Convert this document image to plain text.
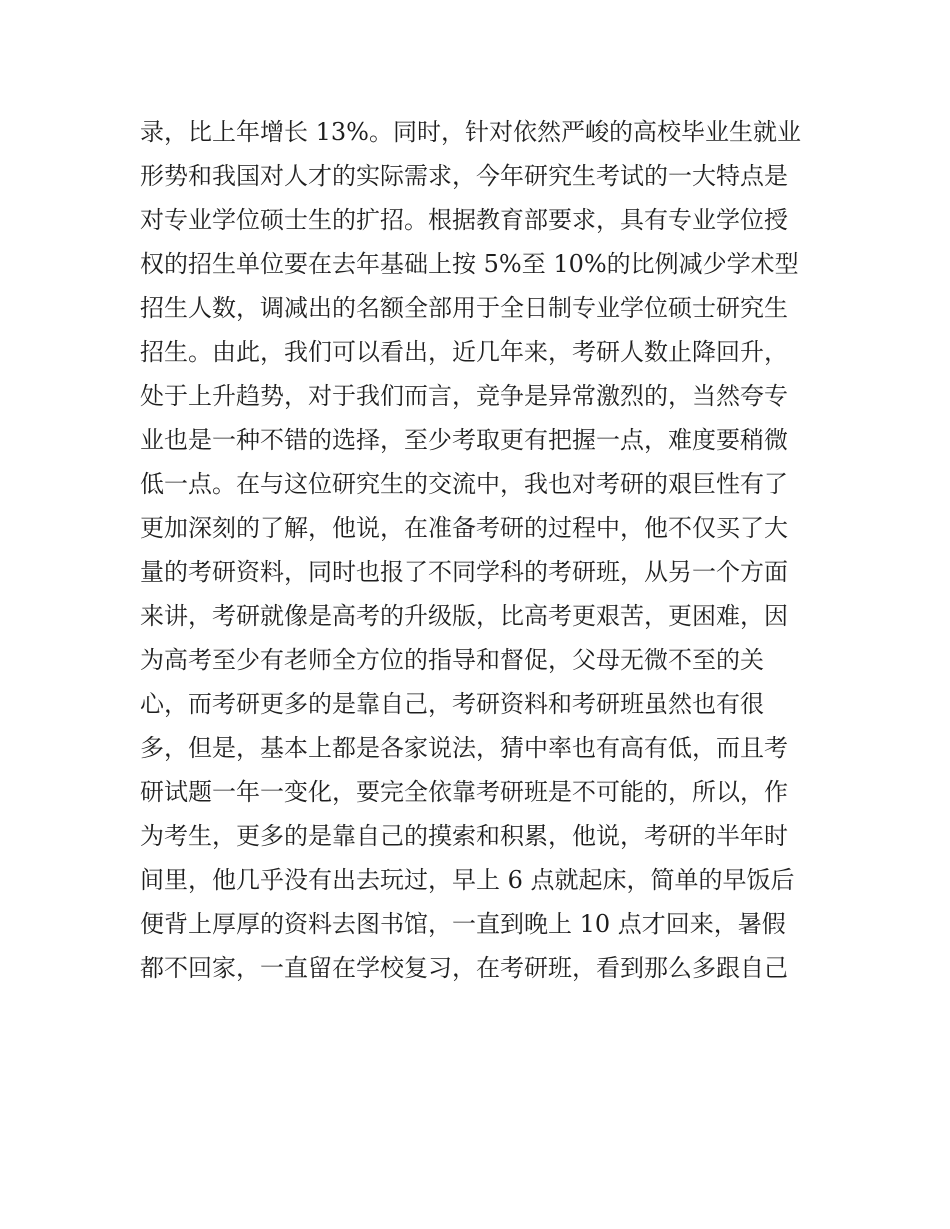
录，比上年增长 13%。同时，针对依然严峻的高校毕业生就业

形势和我国对人才的实际需求，今年研究生考试的一大特点是

对专业学位硕士生的扩招。根据教育部要求，具有专业学位授

权的招生单位要在去年基础上按 5%至 10%的比例减少学术型

招生人数，调减出的名额全部用于全日制专业学位硕士研究生

招生。由此，我们可以看出，近几年来，考研人数止降回升，

处于上升趋势，对于我们而言，竞争是异常激烈的，当然夸专

业也是一种不错的选择，至少考取更有把握一点，难度要稍微

低一点。在与这位研究生的交流中，我也对考研的艰巨性有了

更加深刻的了解，他说，在准备考研的过程中，他不仅买了大

量的考研资料，同时也报了不同学科的考研班，从另一个方面

来讲，考研就像是高考的升级版，比高考更艰苦，更困难，因

为高考至少有老师全方位的指导和督促，父母无微不至的关

心，而考研更多的是靠自己，考研资料和考研班虽然也有很

多，但是，基本上都是各家说法，猜中率也有高有低，而且考

研试题一年一变化，要完全依靠考研班是不可能的，所以，作

为考生，更多的是靠自己的摸索和积累，他说，考研的半年时

间里，他几乎没有出去玩过，早上 6 点就起床，简单的早饭后

便背上厚厚的资料去图书馆，一直到晚上 10 点才回来，暑假

都不回家，一直留在学校复习，在考研班，看到那么多跟自己
